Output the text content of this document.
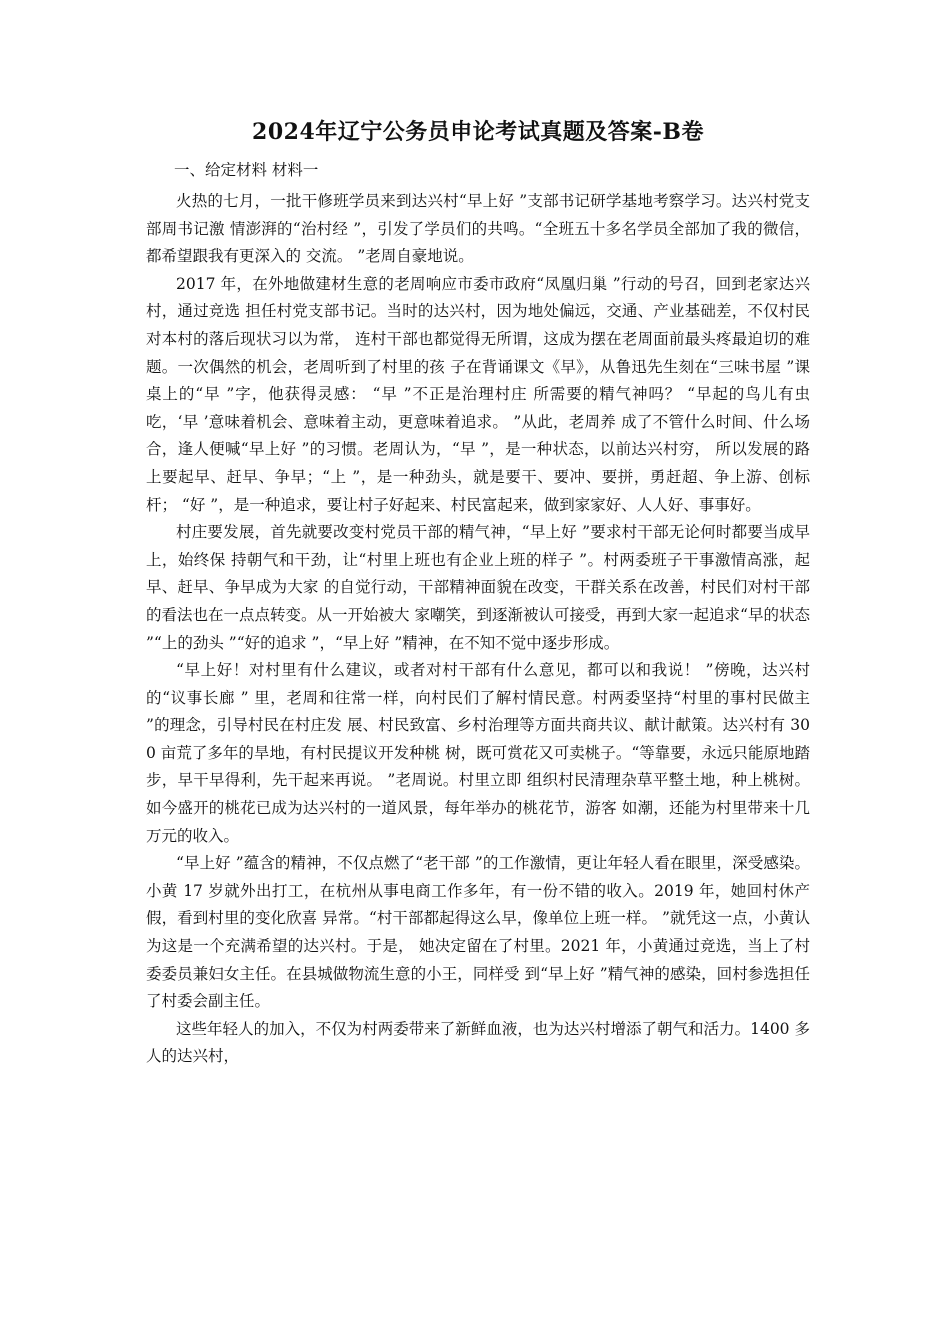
2024年辽宁公务员申论考试真题及答案-B卷

一、给定材料 材料一

火热的七月，一批干修班学员来到达兴村“早上好 ”支部书记研学基地考察学习。达兴村党支部周书记激 情澎湃的“治村经 ”，引发了学员们的共鸣。“全班五十多名学员全部加了我的微信，都希望跟我有更深入的 交流。 ”老周自豪地说。

2017 年，在外地做建材生意的老周响应市委市政府“凤凰归巢 ”行动的号召，回到老家达兴村，通过竞选 担任村党支部书记。当时的达兴村，因为地处偏远，交通、产业基础差，不仅村民对本村的落后现状习以为常， 连村干部也都觉得无所谓，这成为摆在老周面前最头疼最迫切的难题。一次偶然的机会，老周听到了村里的孩 子在背诵课文《早》，从鲁迅先生刻在“三味书屋 ”课桌上的“早 ”字，他获得灵感： “早 ”不正是治理村庄 所需要的精气神吗？ “早起的鸟儿有虫吃，‘早 ’意味着机会、意味着主动，更意味着追求。 ”从此，老周养 成了不管什么时间、什么场合，逢人便喊“早上好 ”的习惯。老周认为，“早 ”，是一种状态，以前达兴村穷， 所以发展的路上要起早、赶早、争早；“上 ”，是一种劲头，就是要干、要冲、要拼，勇赶超、争上游、创标 杆； “好 ”，是一种追求，要让村子好起来、村民富起来，做到家家好、人人好、事事好。

村庄要发展，首先就要改变村党员干部的精气神，“早上好 ”要求村干部无论何时都要当成早上，始终保 持朝气和干劲，让“村里上班也有企业上班的样子 ”。村两委班子干事激情高涨，起早、赶早、争早成为大家 的自觉行动，干部精神面貌在改变，干群关系在改善，村民们对村干部的看法也在一点点转变。从一开始被大 家嘲笑，到逐渐被认可接受，再到大家一起追求“早的状态 ”“上的劲头 ”“好的追求 ”，“早上好 ”精神，在不知不觉中逐步形成。

“早上好！对村里有什么建议，或者对村干部有什么意见，都可以和我说！ ”傍晚，达兴村的“议事长廊 ” 里，老周和往常一样，向村民们了解村情民意。村两委坚持“村里的事村民做主 ”的理念，引导村民在村庄发 展、村民致富、乡村治理等方面共商共议、献计献策。达兴村有 300 亩荒了多年的旱地，有村民提议开发种桃 树，既可赏花又可卖桃子。“等靠要，永远只能原地踏步，早干早得利，先干起来再说。 ”老周说。村里立即 组织村民清理杂草平整土地，种上桃树。如今盛开的桃花已成为达兴村的一道风景，每年举办的桃花节，游客 如潮，还能为村里带来十几万元的收入。

“早上好 ”蕴含的精神，不仅点燃了“老干部 ”的工作激情，更让年轻人看在眼里，深受感染。小黄 17 岁就外出打工，在杭州从事电商工作多年，有一份不错的收入。2019 年，她回村休产假，看到村里的变化欣喜 异常。“村干部都起得这么早，像单位上班一样。 ”就凭这一点，小黄认为这是一个充满希望的达兴村。于是， 她决定留在了村里。2021 年，小黄通过竞选，当上了村委委员兼妇女主任。在县城做物流生意的小王，同样受 到“早上好 ”精气神的感染，回村参选担任了村委会副主任。

这些年轻人的加入，不仅为村两委带来了新鲜血液，也为达兴村增添了朝气和活力。1400 多人的达兴村，
